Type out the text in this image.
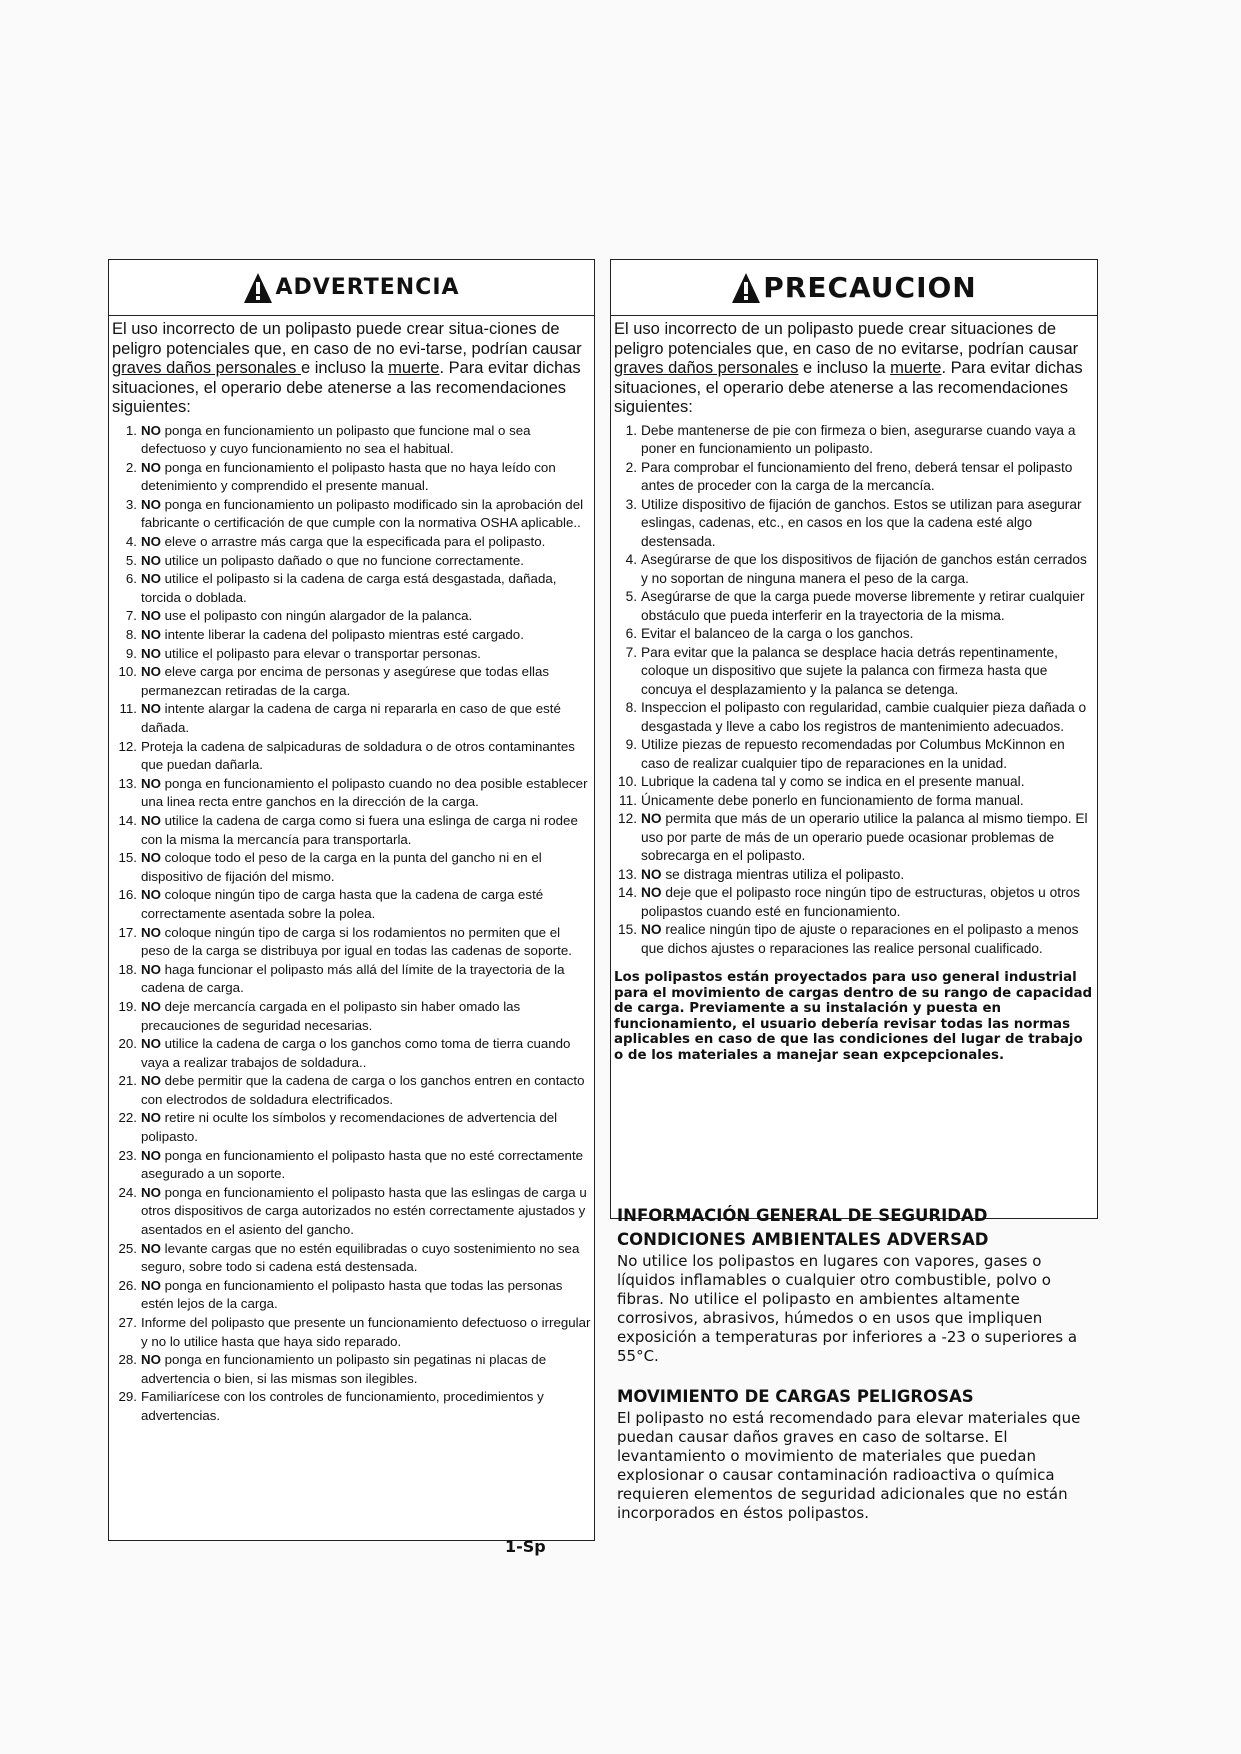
ADVERTENCIA
El uso incorrecto de un polipasto puede crear situa-ciones de peligro potenciales que, en caso de no evi-tarse, podrían causar graves daños personales e incluso la muerte. Para evitar dichas situaciones, el operario debe atenerse a las recomendaciones siguientes:
1. NO ponga en funcionamiento un polipasto que funcione mal o sea defectuoso y cuyo funcionamiento no sea el habitual.
2. NO ponga en funcionamiento el polipasto hasta que no haya leído con detenimiento y comprendido el presente manual.
3. NO ponga en funcionamiento un polipasto modificado sin la aprobación del fabricante o certificación de que cumple con la normativa OSHA aplicable..
4. NO eleve o arrastre más carga que la especificada para el polipasto.
5. NO utilice un polipasto dañado o que no funcione correctamente.
6. NO utilice el polipasto si la cadena de carga está desgastada, dañada, torcida o doblada.
7. NO use el polipasto con ningún alargador de la palanca.
8. NO intente liberar la cadena del polipasto mientras esté cargado.
9. NO utilice el polipasto para elevar o transportar personas.
10. NO eleve carga por encima de personas y asegúrese que todas ellas permanezcan retiradas de la carga.
11. NO intente alargar la cadena de carga ni repararla en caso de que esté dañada.
12. Proteja la cadena de salpicaduras de soldadura o de otros contaminantes que puedan dañarla.
13. NO ponga en funcionamiento el polipasto cuando no dea posible establecer una linea recta entre ganchos en la dirección de la carga.
14. NO utilice la cadena de carga como si fuera una eslinga de carga ni rodee con la misma la mercancía para transportarla.
15. NO coloque todo el peso de la carga en la punta del gancho ni en el dispositivo de fijación del mismo.
16. NO coloque ningún tipo de carga hasta que la cadena de carga esté correctamente asentada sobre la polea.
17. NO coloque ningún tipo de carga si los rodamientos no permiten que el peso de la carga se distribuya por igual en todas las cadenas de soporte.
18. NO haga funcionar el polipasto más allá del límite de la trayectoria de la cadena de carga.
19. NO deje mercancía cargada en el polipasto sin haber omado las precauciones de seguridad necesarias.
20. NO utilice la cadena de carga o los ganchos como toma de tierra cuando vaya a realizar trabajos de soldadura..
21. NO debe permitir que la cadena de carga o los ganchos entren en contacto con electrodos de soldadura electrificados.
22. NO retire ni oculte los símbolos y recomendaciones de advertencia del polipasto.
23. NO ponga en funcionamiento el polipasto hasta que no esté correctamente asegurado a un soporte.
24. NO ponga en funcionamiento el polipasto hasta que las eslingas de carga u otros dispositivos de carga autorizados no estén correctamente ajustados y asentados en el asiento del gancho.
25. NO levante cargas que no estén equilibradas o cuyo sostenimiento no sea seguro, sobre todo si cadena está destensada.
26. NO ponga en funcionamiento el polipasto hasta que todas las personas estén lejos de la carga.
27. Informe del polipasto que presente un funcionamiento defectuoso o irregular y no lo utilice hasta que haya sido reparado.
28. NO ponga en funcionamiento un polipasto sin pegatinas ni placas de advertencia o bien, si las mismas son ilegibles.
29. Familiarícese con los controles de funcionamiento, procedimientos y advertencias.
PRECAUCION
El uso incorrecto de un polipasto puede crear situaciones de peligro potenciales que, en caso de no evitarse, podrían causar graves daños personales e incluso la muerte. Para evitar dichas situaciones, el operario debe atenerse a las recomendaciones siguientes:
1. Debe mantenerse de pie con firmeza o bien, asegurarse cuando vaya a poner en funcionamiento un polipasto.
2. Para comprobar el funcionamiento del freno, deberá tensar el polipasto antes de proceder con la carga de la mercancía.
3. Utilize dispositivo de fijación de ganchos. Estos se utilizan para asegurar eslingas, cadenas, etc., en casos en los que la cadena esté algo destensada.
4. Asegúrarse de que los dispositivos de fijación de ganchos están cerrados y no soportan de ninguna manera el peso de la carga.
5. Asegúrarse de que la carga puede moverse libremente y retirar cualquier obstáculo que pueda interferir en la trayectoria de la misma.
6. Evitar el balanceo de la carga o los ganchos.
7. Para evitar que la palanca se desplace hacia detrás repentinamente, coloque un dispositivo que sujete la palanca con firmeza hasta que concuya el desplazamiento y la palanca se detenga.
8. Inspeccion el polipasto con regularidad, cambie cualquier pieza dañada o desgastada y lleve a cabo los registros de mantenimiento adecuados.
9. Utilize piezas de repuesto recomendadas por Columbus McKinnon en caso de realizar cualquier tipo de reparaciones en la unidad.
10. Lubrique la cadena tal y como se indica en el presente manual.
11. Únicamente debe ponerlo en funcionamiento de forma manual.
12. NO permita que más de un operario utilice la palanca al mismo tiempo. El uso por parte de más de un operario puede ocasionar problemas de sobrecarga en el polipasto.
13. NO se distraga mientras utiliza el polipasto.
14. NO deje que el polipasto roce ningún tipo de estructuras, objetos u otros polipastos cuando esté en funcionamiento.
15. NO realice ningún tipo de ajuste o reparaciones en el polipasto a menos que dichos ajustes o reparaciones las realice personal cualificado.
Los polipastos están proyectados para uso general industrial para el movimiento de cargas dentro de su rango de capacidad de carga. Previamente a su instalación y puesta en funcionamiento, el usuario debería revisar todas las normas aplicables en caso de que las condiciones del lugar de trabajo o de los materiales a manejar sean expcepcionales.
INFORMACIÓN GENERAL DE SEGURIDAD
CONDICIONES AMBIENTALES ADVERSAD
No utilice los polipastos en lugares con vapores, gases o líquidos inflamables o cualquier otro combustible, polvo o fibras. No utilice el polipasto en ambientes altamente corrosivos, abrasivos, húmedos o en usos que impliquen exposición a temperaturas por inferiores a -23 o superiores a 55°C.
MOVIMIENTO DE CARGAS PELIGROSAS
El polipasto no está recomendado para elevar materiales que puedan causar daños graves en caso de soltarse. El levantamiento o movimiento de materiales que puedan explosionar o causar contaminación radioactiva o química requieren elementos de seguridad adicionales que no están incorporados en éstos polipastos.
1-Sp
